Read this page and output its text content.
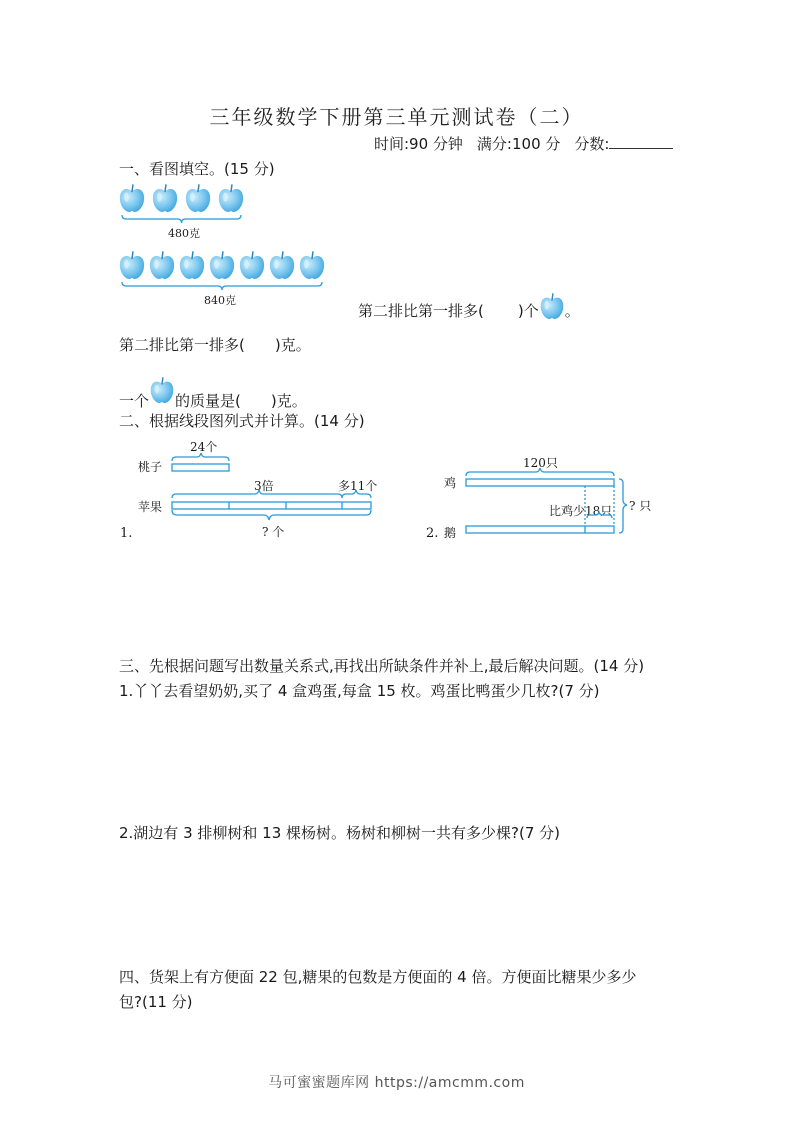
三年级数学下册第三单元测试卷（二）
时间:90 分钟 满分:100 分 分数:
一、看图填空。(15 分)
480克
840克
第二排比第一排多( )个 。
第二排比第一排多(　　)克。
一个 的质量是(　　)克。
二、根据线段图列式并计算。(14 分)
桃子
24个
苹果
3倍	多11个
? 个
1.
鸡
120只
鹅
比鸡少18只 ? 只
2.
三、先根据问题写出数量关系式,再找出所缺条件并补上,最后解决问题。(14 分)
1.丫丫去看望奶奶,买了 4 盒鸡蛋,每盒 15 枚。鸡蛋比鸭蛋少几枚?(7 分)
2.湖边有 3 排柳树和 13 棵杨树。杨树和柳树一共有多少棵?(7 分)
四、货架上有方便面 22 包,糖果的包数是方便面的 4 倍。方便面比糖果少多少
包?(11 分)
马可蜜蜜题库网 https://amcmm.com
